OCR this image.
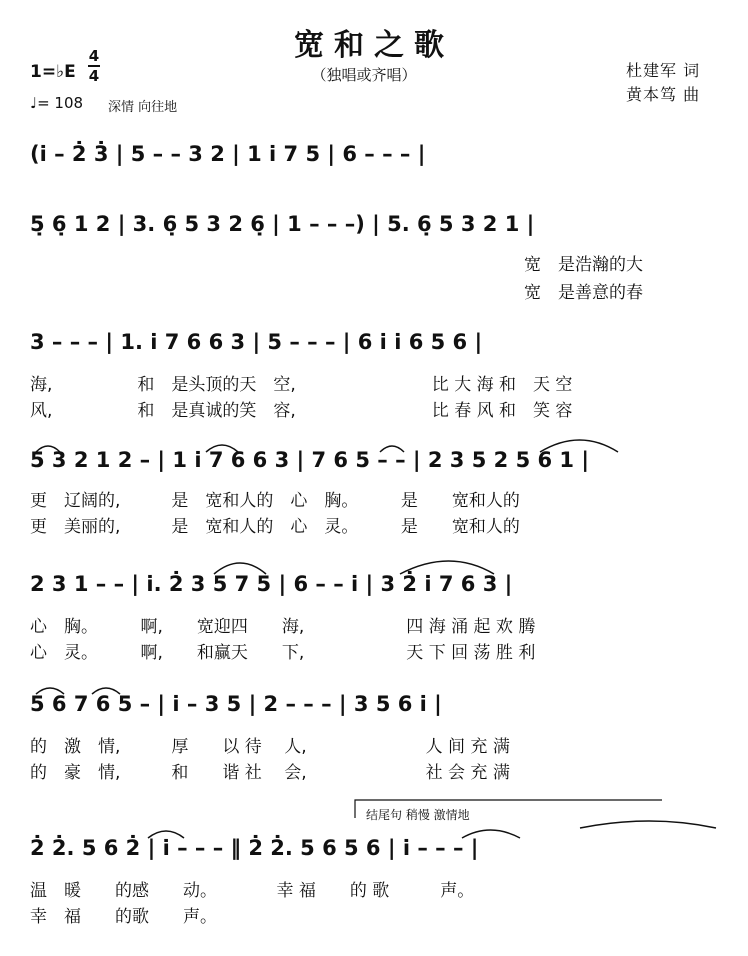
宽和之歌
（独唱或齐唱）
1=♭E
4
4
♩= 108 深情 向往地
杜建军 词
黄本笃 曲
(i̇ – 2̇ 3̇ | 5 – – 3 2 | 1 i̇ 7 5 | 6 – – – |
5̣ 6̣ 1 2 | 3. 6̣ 5 3 2 6̣ | 1 – – –) | 5. 6̣ 5 3 2 1 |
宽　是浩瀚的大
宽　是善意的春
3 – – – | 1. i̇ 7 6 6 3 | 5 – – – | 6 i̇ i̇ 6 5 6 |
海,　　　　　和　是头顶的天　空,　　　　　　　　比 大 海 和　天 空
风,　　　　　和　是真诚的笑　容,　　　　　　　　比 春 风 和　笑 容
5 3 2 1 2 – | 1 i̇ 7 6 6 3 | 7 6 5 – – | 2 3 5 2 5 6 1 |
更　辽阔的,　　　是　宽和人的　心　胸。　　　是　　宽和人的
更　美丽的,　　　是　宽和人的　心　灵。　　　是　　宽和人的
2 3 1 – – | i̇. 2̇ 3 5 7 5 | 6 – – i̇ | 3 2̇ i̇ 7 6 3 |
心　胸。　　　啊,　　宽迎四　　海,　　　　　　四 海 涌 起 欢 腾
心　灵。　　　啊,　　和赢天　　下,　　　　　　天 下 回 荡 胜 利
5 6 7 6 5 – | i̇ – 3 5 | 2 – – – | 3 5 6 i̇ |
的　激　情,　　　厚　　以 待　 人,　　　　　　　人 间 充 满
的　豪　情,　　　和　　谐 社　 会,　　　　　　　社 会 充 满
结尾句 稍慢 激情地
2̇ 2̇. 5 6 2̇ | i̇ – – – ‖ 2̇ 2̇. 5 6 5 6 | i̇ – – – |
温　暖　　的感　　动。　　　　幸 福　　的 歌　　　声。
幸　福　　的歌　　声。
